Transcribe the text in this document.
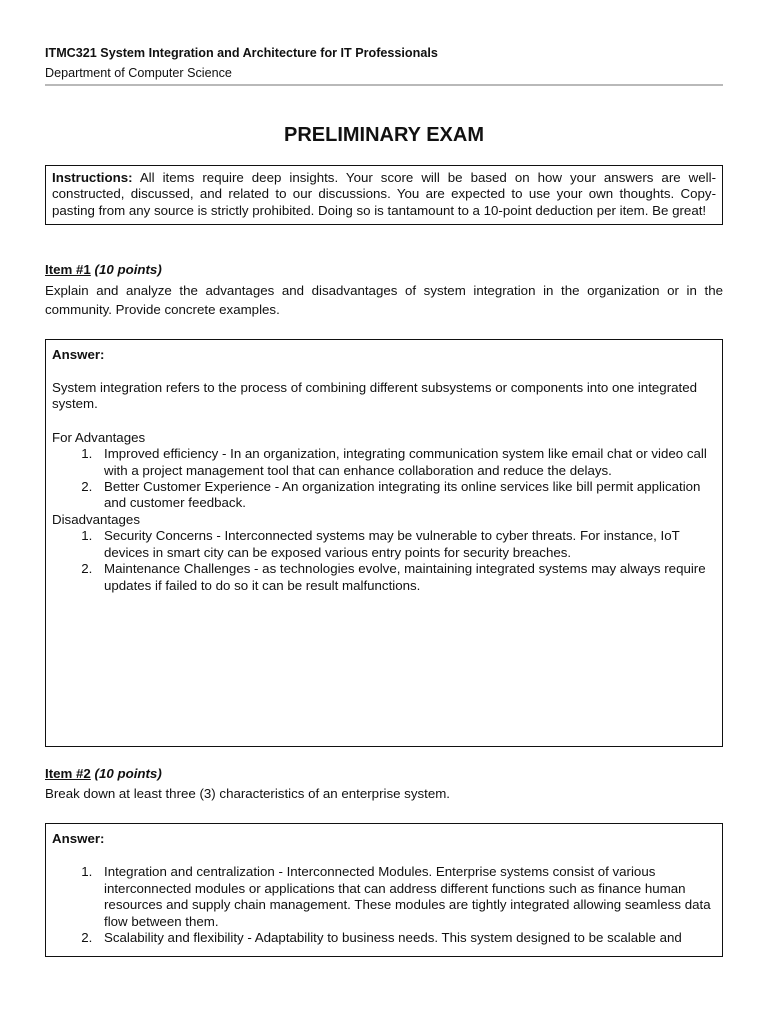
ITMC321 System Integration and Architecture for IT Professionals
Department of Computer Science
PRELIMINARY EXAM
Instructions: All items require deep insights. Your score will be based on how your answers are well-constructed, discussed, and related to our discussions. You are expected to use your own thoughts. Copy-pasting from any source is strictly prohibited. Doing so is tantamount to a 10-point deduction per item. Be great!
Item #1 (10 points)
Explain and analyze the advantages and disadvantages of system integration in the organization or in the community. Provide concrete examples.
Answer:

System integration refers to the process of combining different subsystems or components into one integrated system.

For Advantages

1. Improved efficiency - In an organization, integrating communication system like email chat or video call with a project management tool that can enhance collaboration and reduce the delays.
2. Better Customer Experience - An organization integrating its online services like bill permit application and customer feedback.

Disadvantages

1. Security Concerns - Interconnected systems may be vulnerable to cyber threats. For instance, IoT devices in smart city can be exposed various entry points for security breaches.
2. Maintenance Challenges - as technologies evolve, maintaining integrated systems may always require updates if failed to do so it can be result malfunctions.
Item #2 (10 points)
Break down at least three (3) characteristics of an enterprise system.
Answer:
1. Integration and centralization - Interconnected Modules. Enterprise systems consist of various interconnected modules or applications that can address different functions such as finance human resources and supply chain management. These modules are tightly integrated allowing seamless data flow between them.
2. Scalability and flexibility - Adaptability to business needs. This system designed to be scalable and
